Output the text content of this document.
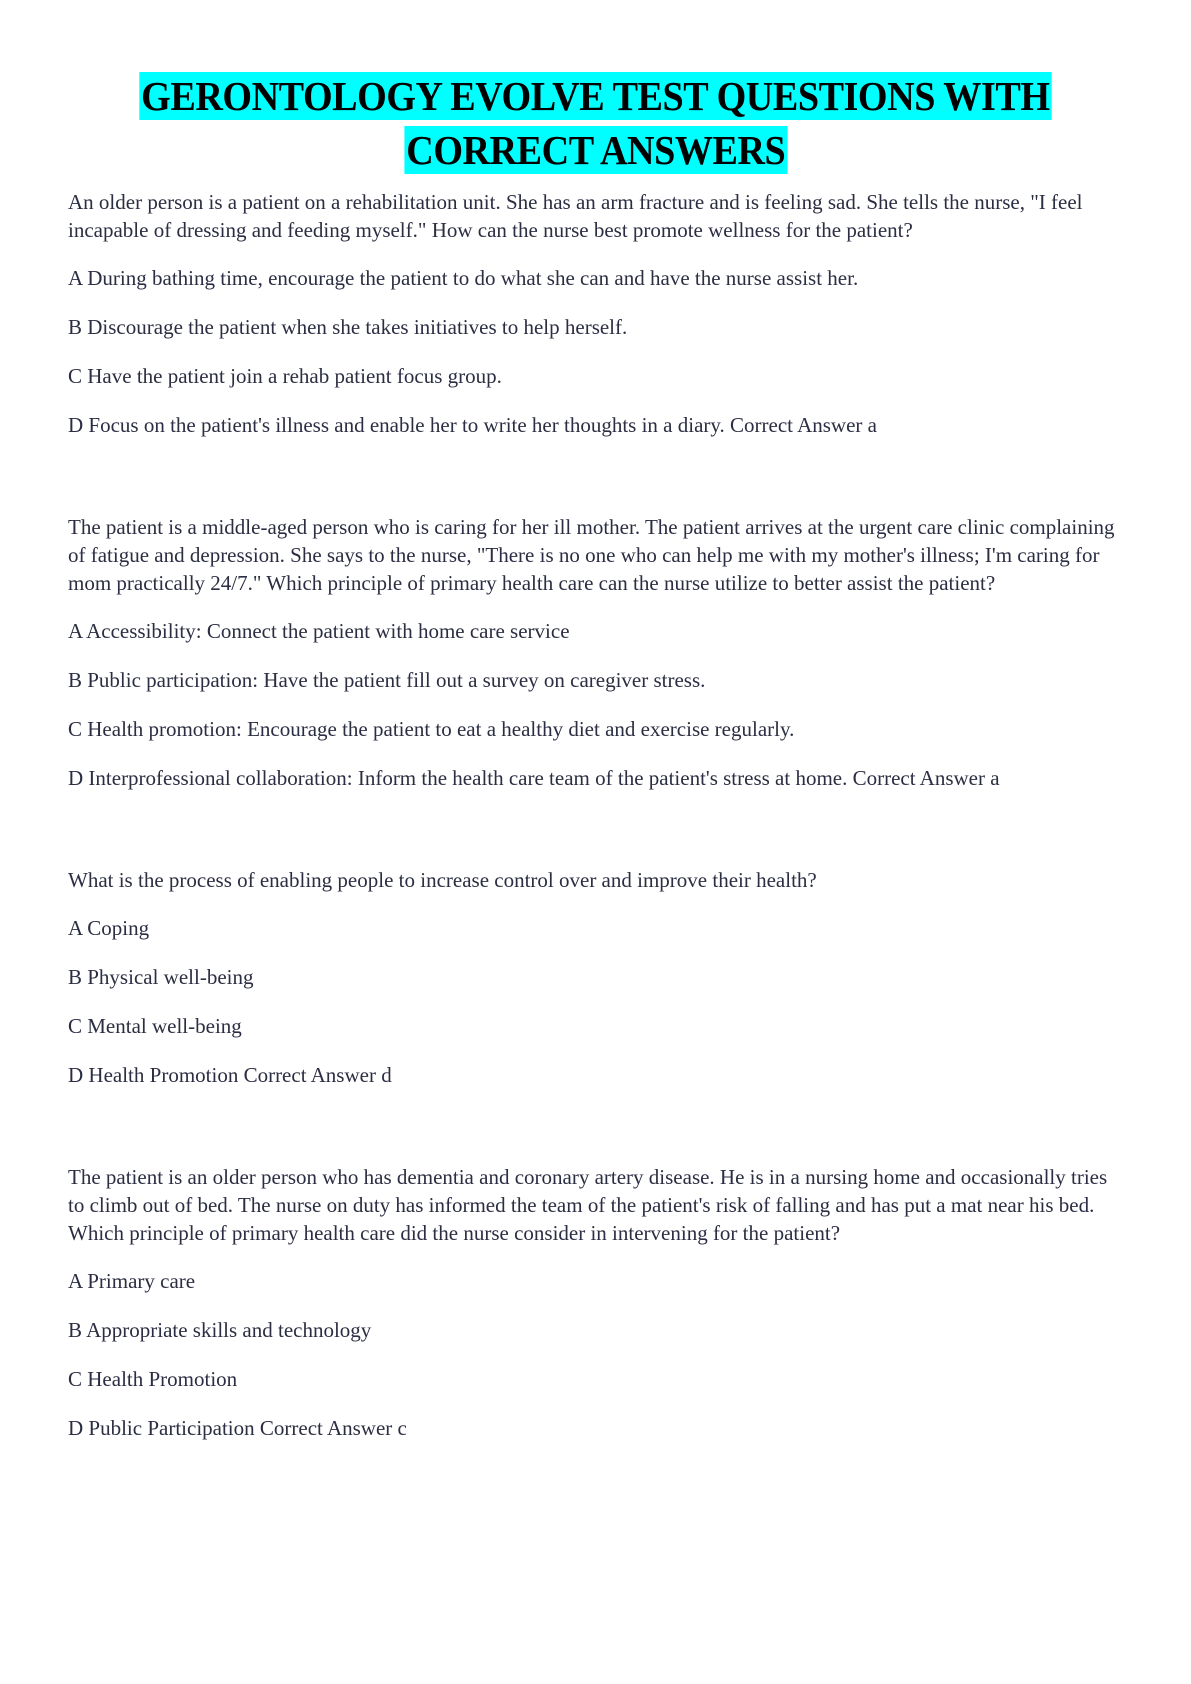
GERONTOLOGY EVOLVE TEST QUESTIONS WITH
CORRECT ANSWERS

An older person is a patient on a rehabilitation unit. She has an arm fracture and is feeling sad. She tells the nurse, "I feel incapable of dressing and feeding myself." How can the nurse best promote wellness for the patient?

A During bathing time, encourage the patient to do what she can and have the nurse assist her.

B Discourage the patient when she takes initiatives to help herself.

C Have the patient join a rehab patient focus group.

D Focus on the patient's illness and enable her to write her thoughts in a diary. Correct Answer a

The patient is a middle-aged person who is caring for her ill mother. The patient arrives at the urgent care clinic complaining of fatigue and depression. She says to the nurse, "There is no one who can help me with my mother's illness; I'm caring for mom practically 24/7." Which principle of primary health care can the nurse utilize to better assist the patient?

A Accessibility: Connect the patient with home care service

B Public participation: Have the patient fill out a survey on caregiver stress.

C Health promotion: Encourage the patient to eat a healthy diet and exercise regularly.

D Interprofessional collaboration: Inform the health care team of the patient's stress at home. Correct Answer a

What is the process of enabling people to increase control over and improve their health?

A Coping

B Physical well-being

C Mental well-being

D Health Promotion Correct Answer d

The patient is an older person who has dementia and coronary artery disease. He is in a nursing home and occasionally tries to climb out of bed. The nurse on duty has informed the team of the patient's risk of falling and has put a mat near his bed. Which principle of primary health care did the nurse consider in intervening for the patient?

A Primary care

B Appropriate skills and technology

C Health Promotion

D Public Participation Correct Answer c
